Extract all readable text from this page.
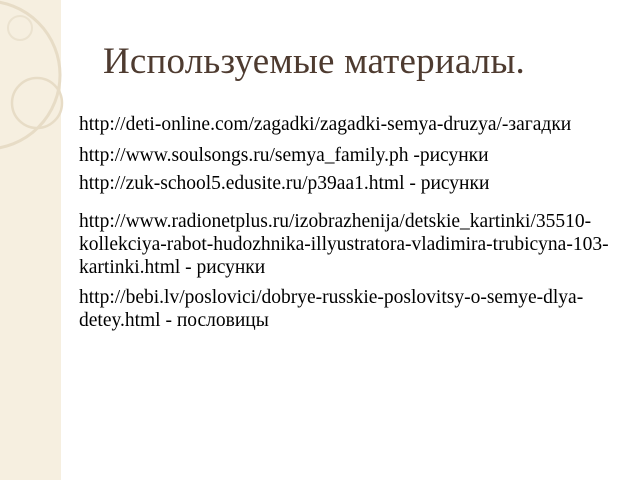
Используемые материалы.

http://deti-online.com/zagadki/zagadki-semya-druzya/-загадки

http://www.soulsongs.ru/semya_family.ph -рисунки

http://zuk-school5.edusite.ru/p39aa1.html - рисунки

http://www.radionetplus.ru/izobrazhenija/detskie_kartinki/35510-kollekciya-rabot-hudozhnika-illyustratora-vladimira-trubicyna-103-kartinki.html - рисунки

http://bebi.lv/poslovici/dobrye-russkie-poslovitsy-o-semye-dlya-detey.html - пословицы
